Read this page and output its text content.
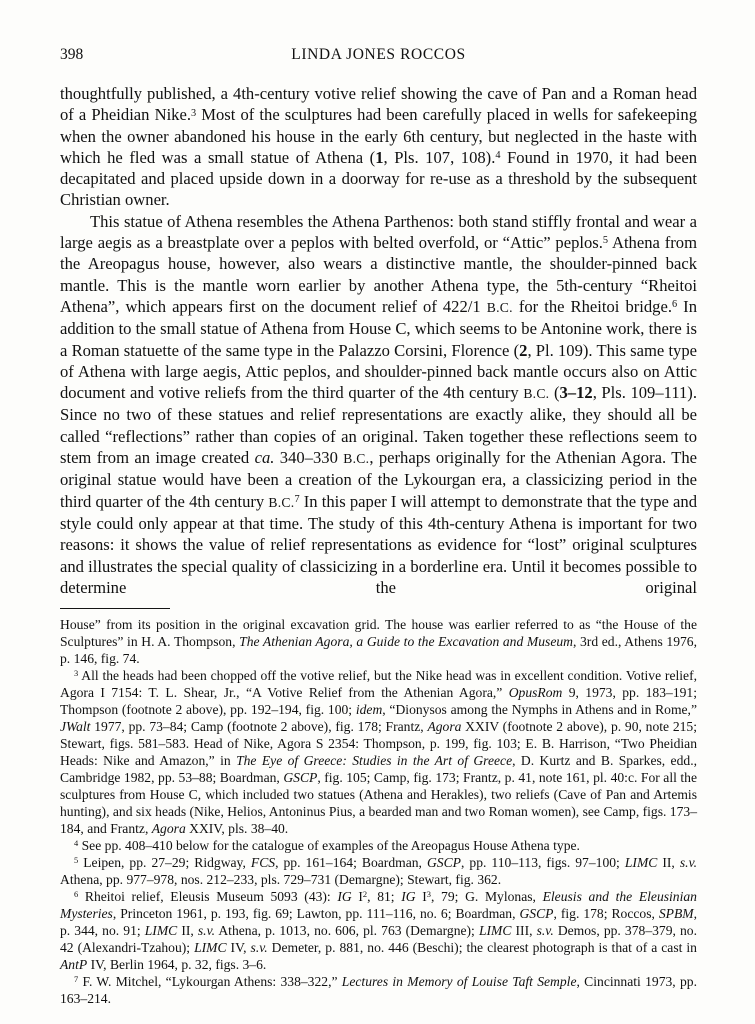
398	LINDA JONES ROCCOS

thoughtfully published, a 4th-century votive relief showing the cave of Pan and a Roman head of a Pheidian Nike.$^3$ Most of the sculptures had been carefully placed in wells for safekeeping when the owner abandoned his house in the early 6th century, but neglected in the haste with which he fled was a small statue of Athena (1, Pls. 107, 108).$^4$ Found in 1970, it had been decapitated and placed upside down in a doorway for re-use as a threshold by the subsequent Christian owner.

This statue of Athena resembles the Athena Parthenos: both stand stiffly frontal and wear a large aegis as a breastplate over a peplos with belted overfold, or “Attic” peplos.$^5$ Athena from the Areopagus house, however, also wears a distinctive mantle, the shoulder-pinned back mantle. This is the mantle worn earlier by another Athena type, the 5th-century “Rheitoi Athena”, which appears first on the document relief of 422/1 B.C. for the Rheitoi bridge.$^6$ In addition to the small statue of Athena from House C, which seems to be Antonine work, there is a Roman statuette of the same type in the Palazzo Corsini, Florence (2, Pl. 109). This same type of Athena with large aegis, Attic peplos, and shoulder-pinned back mantle occurs also on Attic document and votive reliefs from the third quarter of the 4th century B.C. (3–12, Pls. 109–111). Since no two of these statues and relief representations are exactly alike, they should all be called “reflections” rather than copies of an original. Taken together these reflections seem to stem from an image created ca. 340–330 B.C., perhaps originally for the Athenian Agora. The original statue would have been a creation of the Lykourgan era, a classicizing period in the third quarter of the 4th century B.C.$^7$ In this paper I will attempt to demonstrate that the type and style could only appear at that time. The study of this 4th-century Athena is important for two reasons: it shows the value of relief representations as evidence for “lost” original sculptures and illustrates the special quality of classicizing in a borderline era. Until it becomes possible to determine the original

House” from its position in the original excavation grid. The house was earlier referred to as “the House of the Sculptures” in H. A. Thompson, The Athenian Agora, a Guide to the Excavation and Museum, 3rd ed., Athens 1976, p. 146, fig. 74.

$^3$ All the heads had been chopped off the votive relief, but the Nike head was in excellent condition. Votive relief, Agora I 7154: T. L. Shear, Jr., “A Votive Relief from the Athenian Agora,” OpusRom 9, 1973, pp. 183–191; Thompson (footnote 2 above), pp. 192–194, fig. 100; idem, “Dionysos among the Nymphs in Athens and in Rome,” JWalt 1977, pp. 73–84; Camp (footnote 2 above), fig. 178; Frantz, Agora XXIV (footnote 2 above), p. 90, note 215; Stewart, figs. 581–583. Head of Nike, Agora S 2354: Thompson, p. 199, fig. 103; E. B. Harrison, “Two Pheidian Heads: Nike and Amazon,” in The Eye of Greece: Studies in the Art of Greece, D. Kurtz and B. Sparkes, edd., Cambridge 1982, pp. 53–88; Boardman, GSCP, fig. 105; Camp, fig. 173; Frantz, p. 41, note 161, pl. 40:c. For all the sculptures from House C, which included two statues (Athena and Herakles), two reliefs (Cave of Pan and Artemis hunting), and six heads (Nike, Helios, Antoninus Pius, a bearded man and two Roman women), see Camp, figs. 173–184, and Frantz, Agora XXIV, pls. 38–40.

$^4$ See pp. 408–410 below for the catalogue of examples of the Areopagus House Athena type.

$^5$ Leipen, pp. 27–29; Ridgway, FCS, pp. 161–164; Boardman, GSCP, pp. 110–113, figs. 97–100; LIMC II, s.v. Athena, pp. 977–978, nos. 212–233, pls. 729–731 (Demargne); Stewart, fig. 362.

$^6$ Rheitoi relief, Eleusis Museum 5093 (43): IG $I^2$, 81; IG $I^3$, 79; G. Mylonas, Eleusis and the Eleusinian Mysteries, Princeton 1961, p. 193, fig. 69; Lawton, pp. 111–116, no. 6; Boardman, GSCP, fig. 178; Roccos, SPBM, p. 344, no. 91; LIMC II, s.v. Athena, p. 1013, no. 606, pl. 763 (Demargne); LIMC III, s.v. Demos, pp. 378–379, no. 42 (Alexandri-Tzahou); LIMC IV, s.v. Demeter, p. 881, no. 446 (Beschi); the clearest photograph is that of a cast in AntP IV, Berlin 1964, p. 32, figs. 3–6.

$^7$ F. W. Mitchel, “Lykourgan Athens: 338–322,” Lectures in Memory of Louise Taft Semple, Cincinnati 1973, pp. 163–214.
